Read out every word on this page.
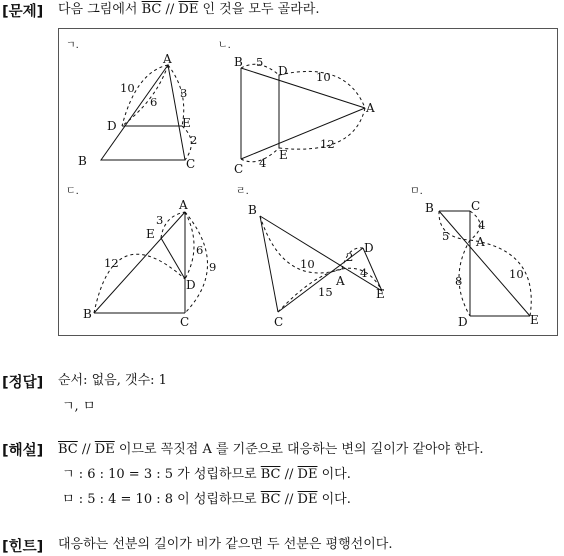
[문제] 다음 그림에서 $\overline{BC} // \overline{DE}$ 인 것을 모두 골라라.
ㄱ.
A
B	C
D	E
10
6
3
2
ㄴ.
A
B
C
D
E
5
10
4
12
ㄷ.
A
B
C
D
E
3
6
12	9
ㄹ.
A
B
C
D
E
10	2
4
15
ㅁ.
A
B	C
D	E
4
5
10
8
[정답] 순서: 없음, 갯수: 1
ㄱ, ㅁ
[해설] $\overline{BC} // \overline{DE}$ 이므로 꼭짓점 A 를 기준으로 대응하는 변의 길이가 같아야 한다.
ㄱ : 6 : 10 = 3 : 5 가 성립하므로 $\overline{BC} // \overline{DE}$ 이다.
ㅁ : 5 : 4 = 10 : 8 이 성립하므로 $\overline{BC} // \overline{DE}$ 이다.
[힌트] 대응하는 선분의 길이가 비가 같으면 두 선분은 평행선이다.
